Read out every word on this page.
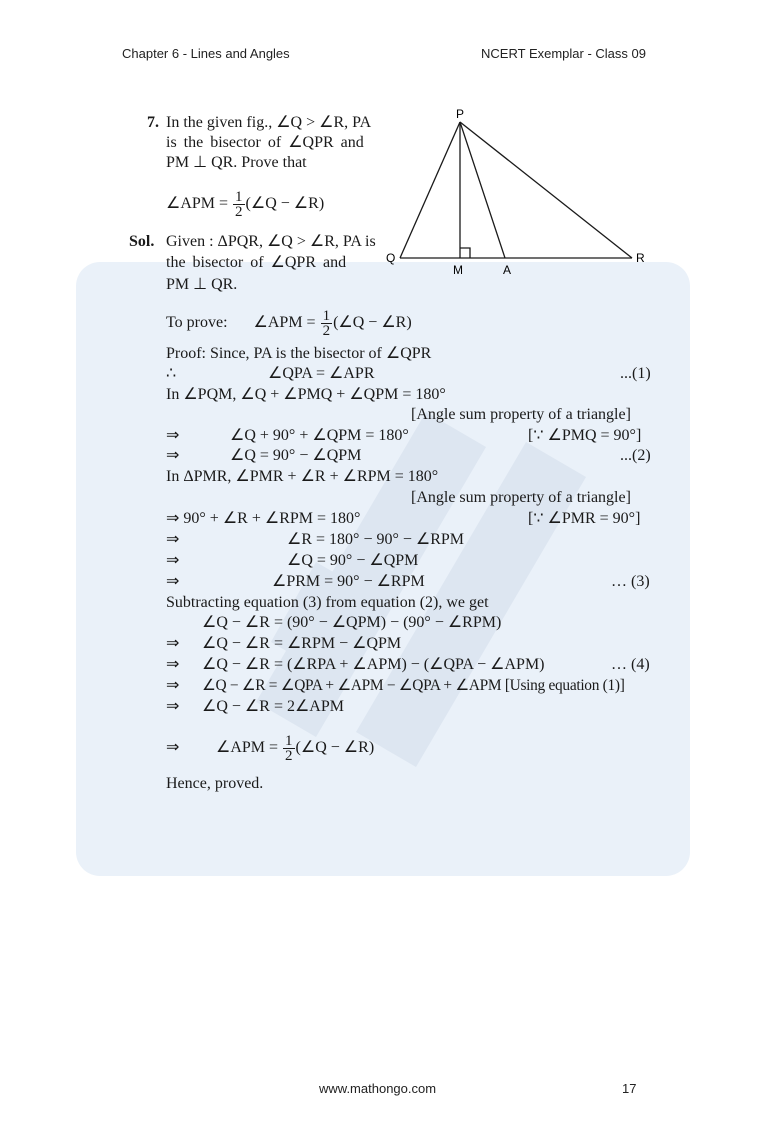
Chapter 6 - Lines and Angles	NCERT Exemplar - Class 09
P
Q	R
M	A
7. In the given fig., ∠Q > ∠R, PA
is the bisector of ∠QPR and
PM ⊥ QR. Prove that
∠APM = $\frac{1}{2}$ (∠Q − ∠R)
Sol. Given : ΔPQR, ∠Q > ∠R, PA is
the bisector of ∠QPR and
PM ⊥ QR.
To prove: ∠APM = $\frac{1}{2}$ (∠Q − ∠R)
Proof: Since, PA is the bisector of ∠QPR
∴	∠QPA = ∠APR	...(1)
In ∠PQM, ∠Q + ∠PMQ + ∠QPM = 180°
[Angle sum property of a triangle]
⇒	∠Q + 90° + ∠QPM = 180°	[∵ ∠PMQ = 90°]
⇒	∠Q = 90° − ∠QPM	...(2)
In ΔPMR, ∠PMR + ∠R + ∠RPM = 180°
[Angle sum property of a triangle]
⇒ 90° + ∠R + ∠RPM = 180°	[∵ ∠PMR = 90°]
⇒	∠R = 180° − 90° − ∠RPM
⇒	∠Q = 90° − ∠QPM
⇒	∠PRM = 90° − ∠RPM	… (3)
Subtracting equation (3) from equation (2), we get
∠Q − ∠R = (90° − ∠QPM) − (90° − ∠RPM)
⇒ ∠Q − ∠R = ∠RPM − ∠QPM
⇒ ∠Q − ∠R = (∠RPA + ∠APM) − (∠QPA − ∠APM)	… (4)
⇒ ∠Q − ∠R = ∠QPA + ∠APM − ∠QPA + ∠APM [Using equation (1)]
⇒ ∠Q − ∠R = 2∠APM
⇒ ∠APM = $\frac{1}{2}$ (∠Q − ∠R)
Hence, proved.
www.mathongo.com	17
